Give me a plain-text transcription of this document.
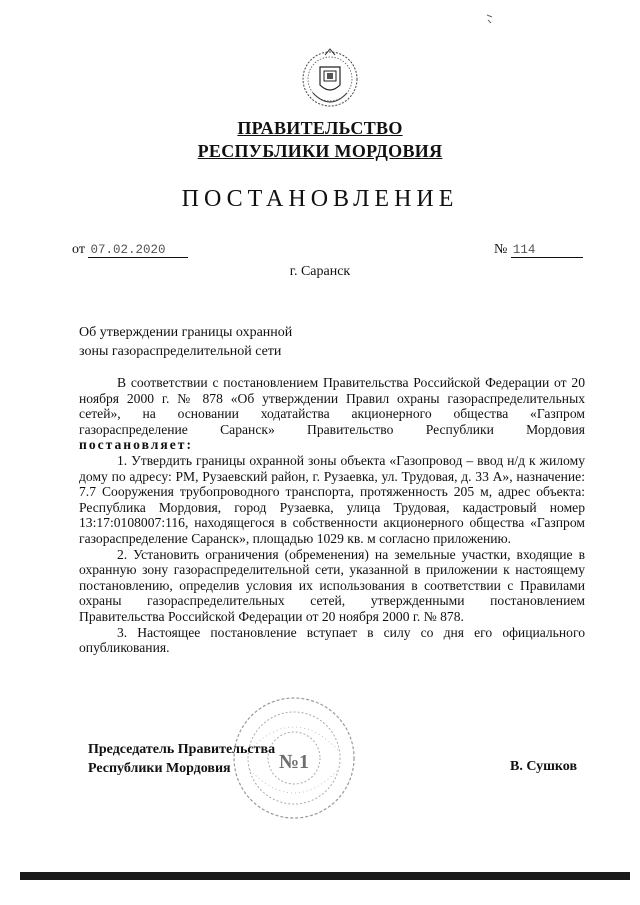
ПРАВИТЕЛЬСТВО
РЕСПУБЛИКИ МОРДОВИЯ
ПОСТАНОВЛЕНИЕ
от 07.02.2020	№ 114
г. Саранск
Об утверждении границы охранной
зоны газораспределительной сети

В соответствии с постановлением Правительства Российской Федерации от 20 ноября 2000 г. № 878 «Об утверждении Правил охраны газораспределительных сетей», на основании ходатайства акционерного общества «Газпром газораспределение Саранск» Правительство Республики Мордовия постановляет:

1. Утвердить границы охранной зоны объекта «Газопровод – ввод н/д к жилому дому по адресу: РМ, Рузаевский район, г. Рузаевка, ул. Трудовая, д. 33 А», назначение: 7.7 Сооружения трубопроводного транспорта, протяженность 205 м, адрес объекта: Республика Мордовия, город Рузаевка, улица Трудовая, кадастровый номер 13:17:0108007:116, находящегося в собственности акционерного общества «Газпром газораспределение Саранск», площадью 1029 кв. м согласно приложению.

2. Установить ограничения (обременения) на земельные участки, входящие в охранную зону газораспределительной сети, указанной в приложении к настоящему постановлению, определив условия их использования в соответствии с Правилами охраны газораспределительных сетей, утвержденными постановлением Правительства Российской Федерации от 20 ноября 2000 г. № 878.

3. Настоящее постановление вступает в силу со дня его официального опубликования.

№1
Председатель Правительства
Республики Мордовия	В. Сушков
